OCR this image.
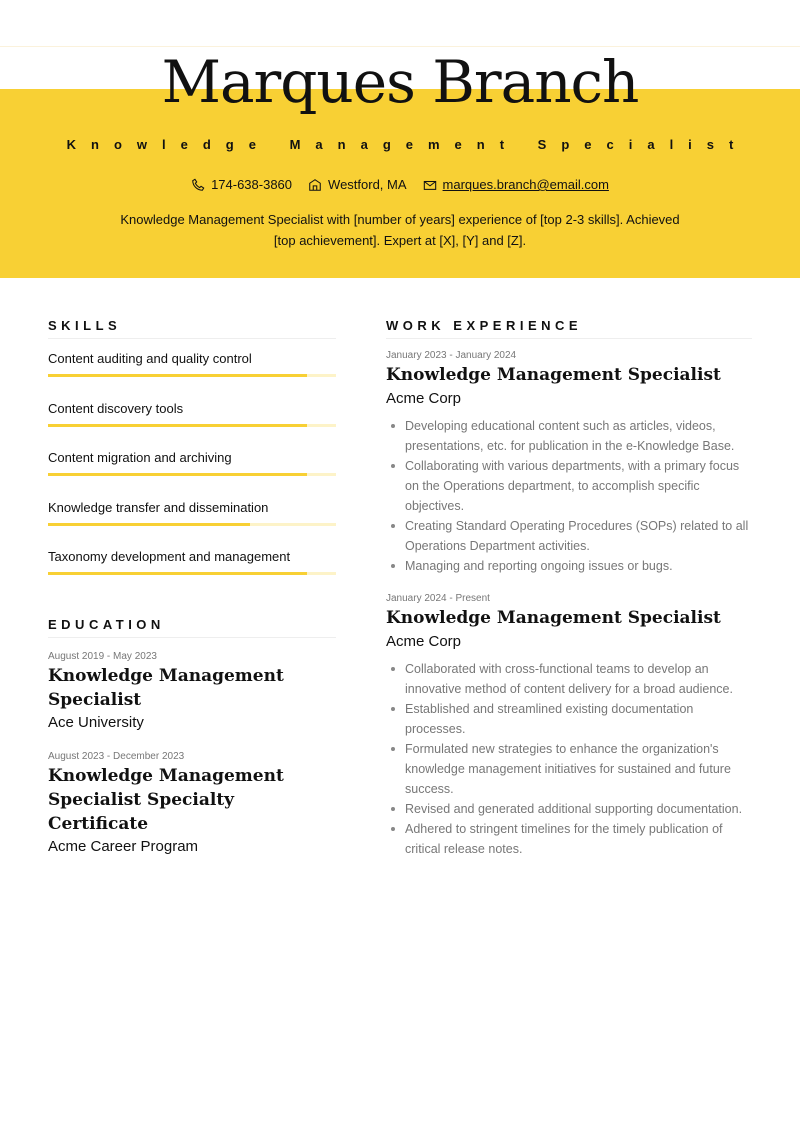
Marques Branch
Knowledge Management Specialist
174-638-3860	Westford, MA	marques.branch@email.com

Knowledge Management Specialist with [number of years] experience of [top 2-3 skills]. Achieved [top achievement]. Expert at [X], [Y] and [Z].

SKILLS
Content auditing and quality control
Content discovery tools
Content migration and archiving
Knowledge transfer and dissemination
Taxonomy development and management
EDUCATION
August 2019 - May 2023
Knowledge Management Specialist
Ace University
August 2023 - December 2023
Knowledge Management Specialist Specialty Certificate
Acme Career Program
WORK EXPERIENCE
January 2023 - January 2024
Knowledge Management Specialist
Acme Corp
Developing educational content such as articles, videos, presentations, etc. for publication in the e-Knowledge Base.
Collaborating with various departments, with a primary focus on the Operations department, to accomplish specific objectives.
Creating Standard Operating Procedures (SOPs) related to all Operations Department activities.
Managing and reporting ongoing issues or bugs.
January 2024 - Present
Knowledge Management Specialist
Acme Corp
Collaborated with cross-functional teams to develop an innovative method of content delivery for a broad audience.
Established and streamlined existing documentation processes.
Formulated new strategies to enhance the organization's knowledge management initiatives for sustained and future success.
Revised and generated additional supporting documentation.
Adhered to stringent timelines for the timely publication of critical release notes.
